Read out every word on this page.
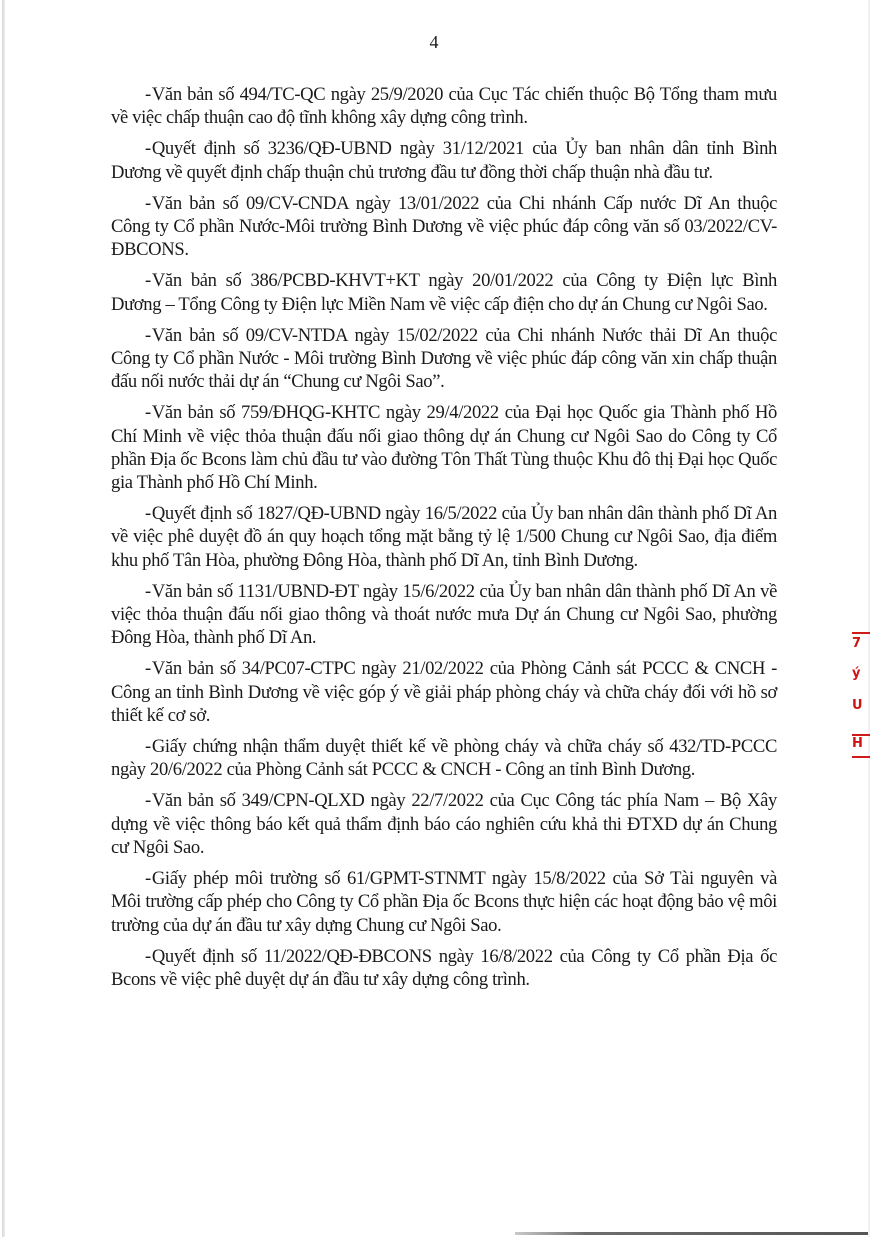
4

-Văn bản số 494/TC-QC ngày 25/9/2020 của Cục Tác chiến thuộc Bộ Tổng tham mưu về việc chấp thuận cao độ tĩnh không xây dựng công trình.

-Quyết định số 3236/QĐ-UBND ngày 31/12/2021 của Ủy ban nhân dân tỉnh Bình Dương về quyết định chấp thuận chủ trương đầu tư đồng thời chấp thuận nhà đầu tư.

-Văn bản số 09/CV-CNDA ngày 13/01/2022 của Chi nhánh Cấp nước Dĩ An thuộc Công ty Cổ phần Nước-Môi trường Bình Dương về việc phúc đáp công văn số 03/2022/CV-ĐBCONS.

-Văn bản số 386/PCBD-KHVT+KT ngày 20/01/2022 của Công ty Điện lực Bình Dương – Tổng Công ty Điện lực Miền Nam về việc cấp điện cho dự án Chung cư Ngôi Sao.

-Văn bản số 09/CV-NTDA ngày 15/02/2022 của Chi nhánh Nước thải Dĩ An thuộc Công ty Cổ phần Nước - Môi trường Bình Dương về việc phúc đáp công văn xin chấp thuận đấu nối nước thải dự án “Chung cư Ngôi Sao”.

-Văn bản số 759/ĐHQG-KHTC ngày 29/4/2022 của Đại học Quốc gia Thành phố Hồ Chí Minh về việc thỏa thuận đấu nối giao thông dự án Chung cư Ngôi Sao do Công ty Cổ phần Địa ốc Bcons làm chủ đầu tư vào đường Tôn Thất Tùng thuộc Khu đô thị Đại học Quốc gia Thành phố Hồ Chí Minh.

-Quyết định số 1827/QĐ-UBND ngày 16/5/2022 của Ủy ban nhân dân thành phố Dĩ An về việc phê duyệt đồ án quy hoạch tổng mặt bằng tỷ lệ 1/500 Chung cư Ngôi Sao, địa điểm khu phố Tân Hòa, phường Đông Hòa, thành phố Dĩ An, tỉnh Bình Dương.

-Văn bản số 1131/UBND-ĐT ngày 15/6/2022 của Ủy ban nhân dân thành phố Dĩ An về việc thỏa thuận đấu nối giao thông và thoát nước mưa Dự án Chung cư Ngôi Sao, phường Đông Hòa, thành phố Dĩ An.

-Văn bản số 34/PC07-CTPC ngày 21/02/2022 của Phòng Cảnh sát PCCC & CNCH - Công an tỉnh Bình Dương về việc góp ý về giải pháp phòng cháy và chữa cháy đối với hồ sơ thiết kế cơ sở.

-Giấy chứng nhận thẩm duyệt thiết kế về phòng cháy và chữa cháy số 432/TD-PCCC ngày 20/6/2022 của Phòng Cảnh sát PCCC & CNCH - Công an tỉnh Bình Dương.

-Văn bản số 349/CPN-QLXD ngày 22/7/2022 của Cục Công tác phía Nam – Bộ Xây dựng về việc thông báo kết quả thẩm định báo cáo nghiên cứu khả thi ĐTXD dự án Chung cư Ngôi Sao.

-Giấy phép môi trường số 61/GPMT-STNMT ngày 15/8/2022 của Sở Tài nguyên và Môi trường cấp phép cho Công ty Cổ phần Địa ốc Bcons thực hiện các hoạt động bảo vệ môi trường của dự án đầu tư xây dựng Chung cư Ngôi Sao.

-Quyết định số 11/2022/QĐ-ĐBCONS ngày 16/8/2022 của Công ty Cổ phần Địa ốc Bcons về việc phê duyệt dự án đầu tư xây dựng công trình.

7
ý
U
H
